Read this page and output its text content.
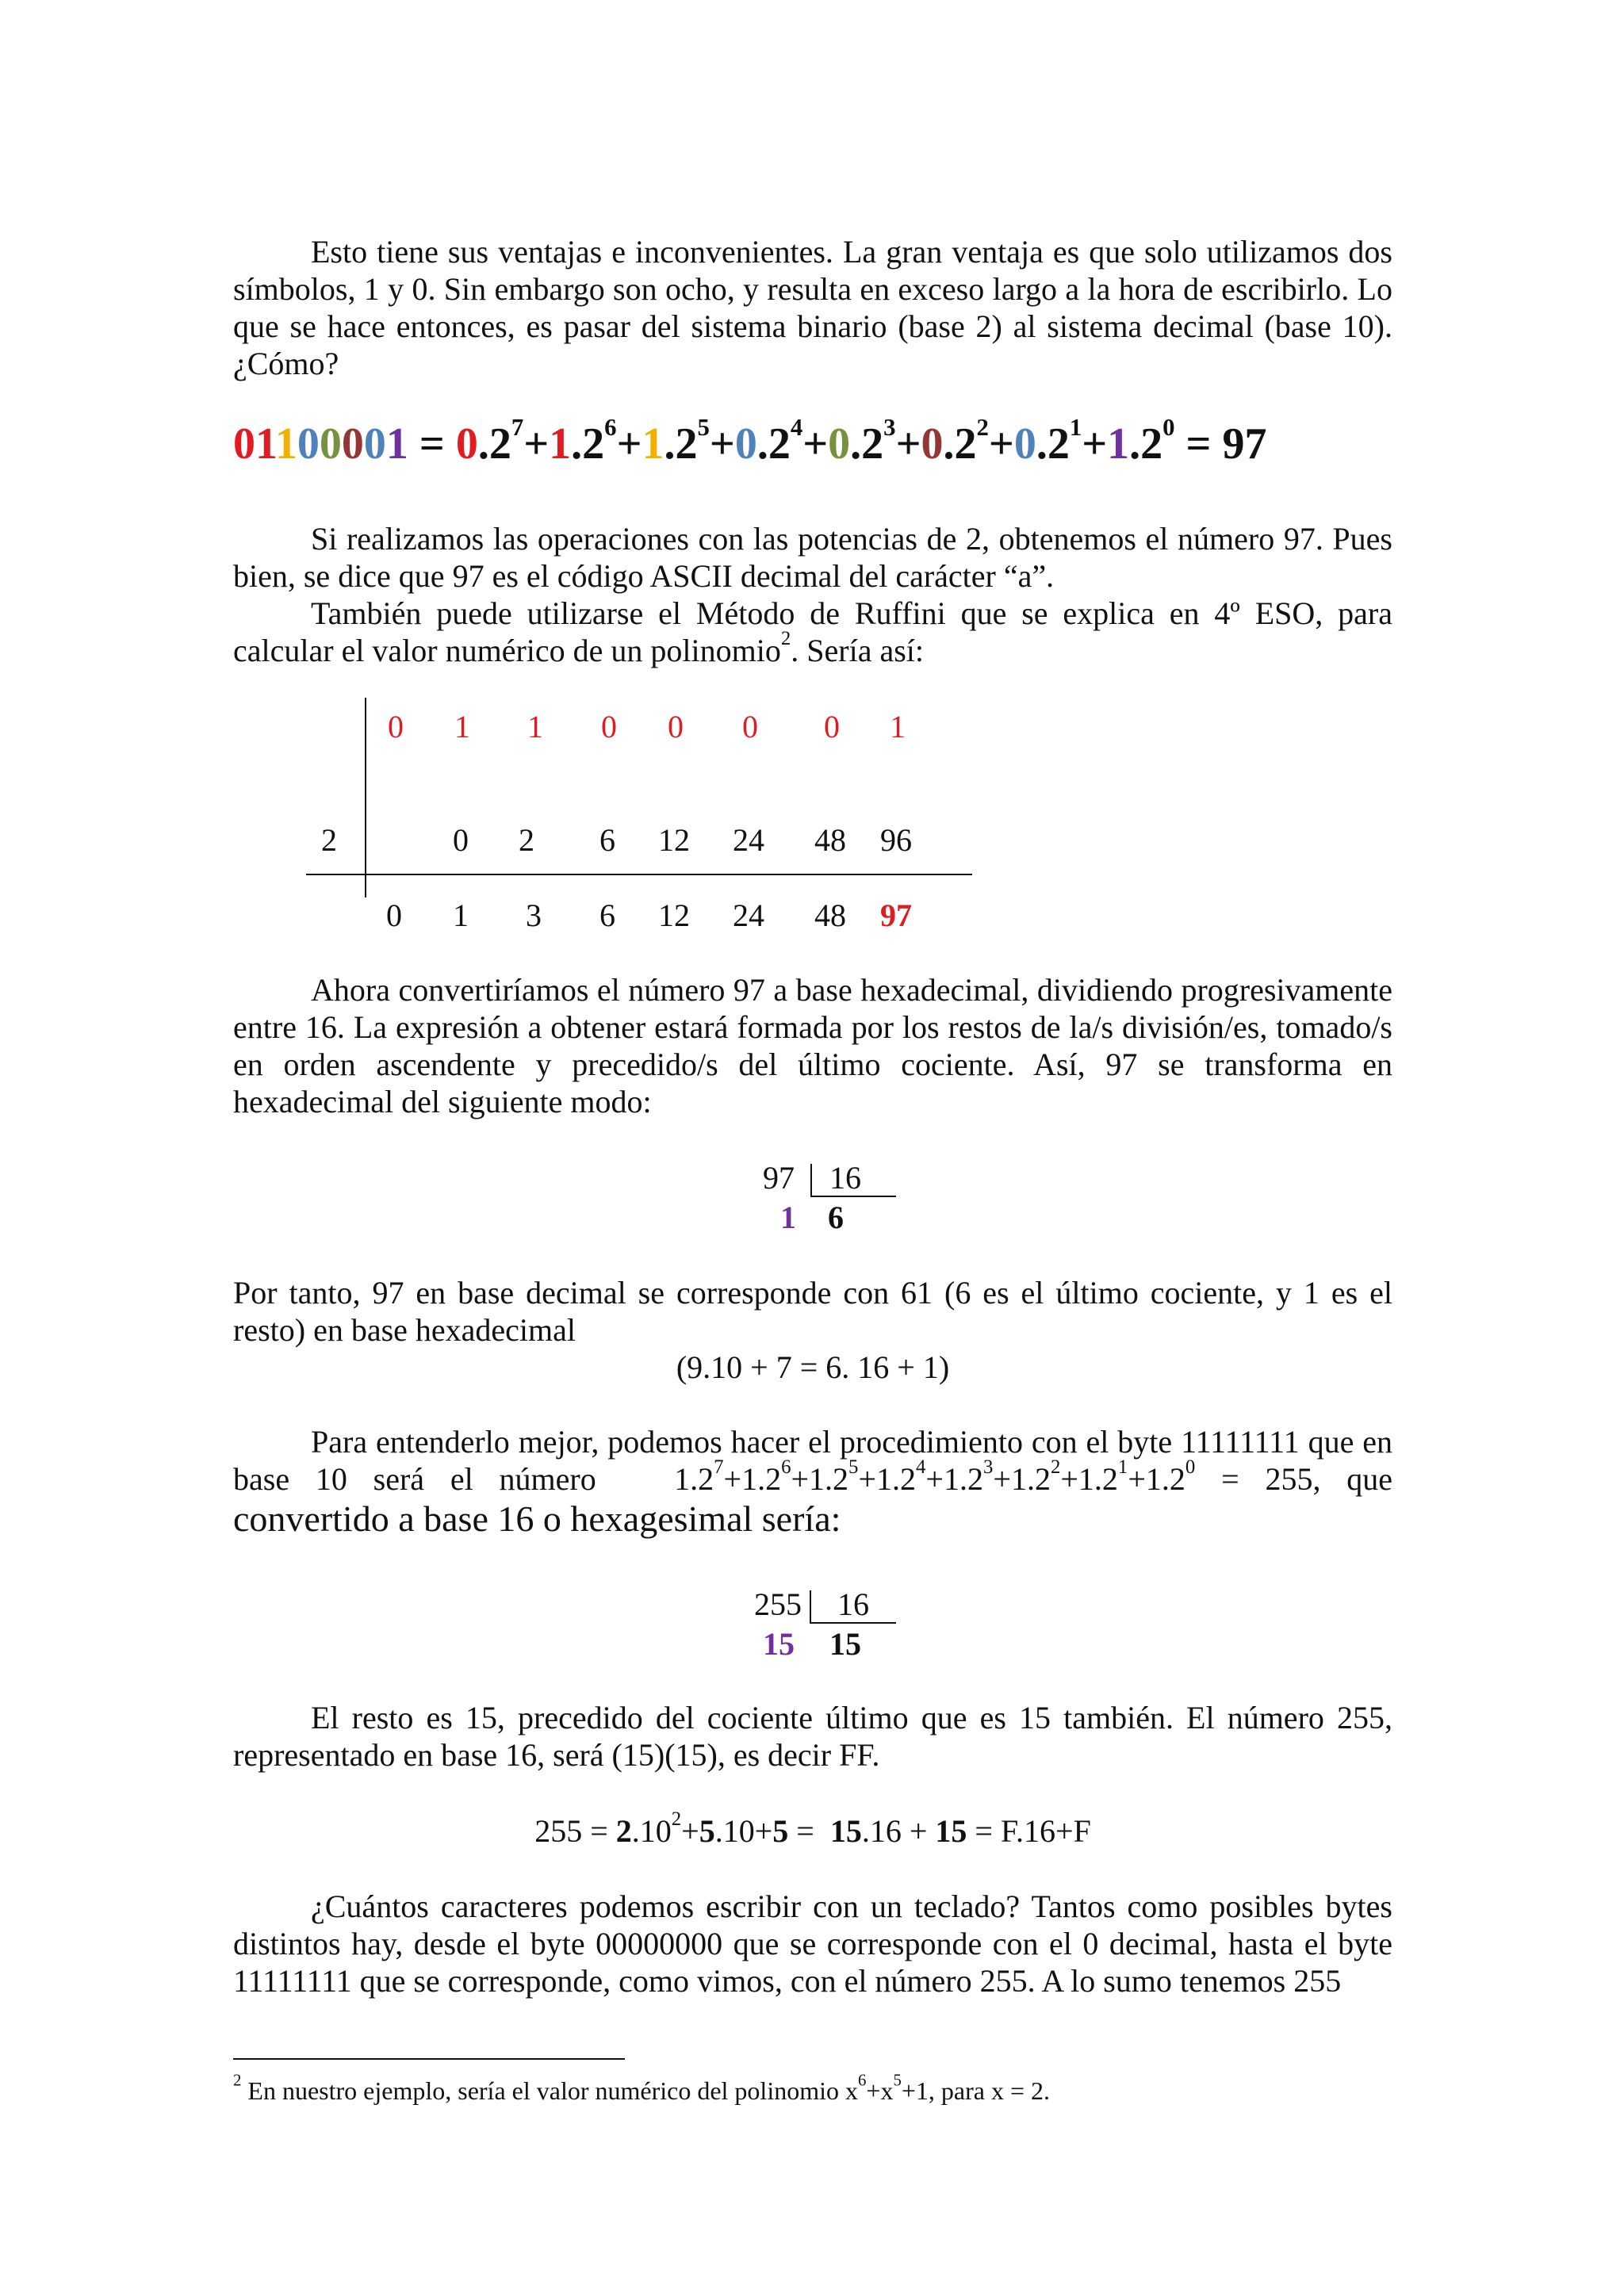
Esto tiene sus ventajas e inconvenientes. La gran ventaja es que solo utilizamos dos símbolos, 1 y 0. Sin embargo son ocho, y resulta en exceso largo a la hora de escribirlo. Lo que se hace entonces, es pasar del sistema binario (base 2) al sistema decimal (base 10). ¿Cómo?

$01100001 = 0.2^7+1.2^6+1.2^5+0.2^4+0.2^3+0.2^2+0.2^1+1.2^0 = 97$

Si realizamos las operaciones con las potencias de 2, obtenemos el número 97. Pues bien, se dice que 97 es el código ASCII decimal del carácter “a”.

También puede utilizarse el Método de Ruffini que se explica en 4º ESO, para calcular el valor numérico de un polinomio$^2$. Sería así:

2
0 1 1 0 0 0 0 1
0 2 6 12 24 48 96
0 1 3 6 12 24 48 97

Ahora convertiríamos el número 97 a base hexadecimal, dividiendo progresivamente entre 16. La expresión a obtener estará formada por los restos de la/s división/es, tomado/s en orden ascendente y precedido/s del último cociente. Así, 97 se transforma en hexadecimal del siguiente modo:

97 16
1 6

Por tanto, 97 en base decimal se corresponde con 61 (6 es el último cociente, y 1 es el resto) en base hexadecimal

(9.10 + 7 = 6. 16 + 1)

Para entenderlo mejor, podemos hacer el procedimiento con el byte 11111111 que en base 10 será el número $1.2^7+1.2^6+1.2^5+1.2^4+1.2^3+1.2^2+1.2^1+1.2^0 = 255$, que

convertido a base 16 o hexagesimal sería:
255 16
15 15

El resto es 15, precedido del cociente último que es 15 también. El número 255, representado en base 16, será (15)(15), es decir FF.

$255 = 2.10^2+5.10+5 = 15.16 + 15 = F.16+F$

¿Cuántos caracteres podemos escribir con un teclado? Tantos como posibles bytes distintos hay, desde el byte 00000000 que se corresponde con el 0 decimal, hasta el byte 11111111 que se corresponde, como vimos, con el número 255. A lo sumo tenemos 255

$^2$ En nuestro ejemplo, sería el valor numérico del polinomio $x^6+x^5+1$, para x = 2.
